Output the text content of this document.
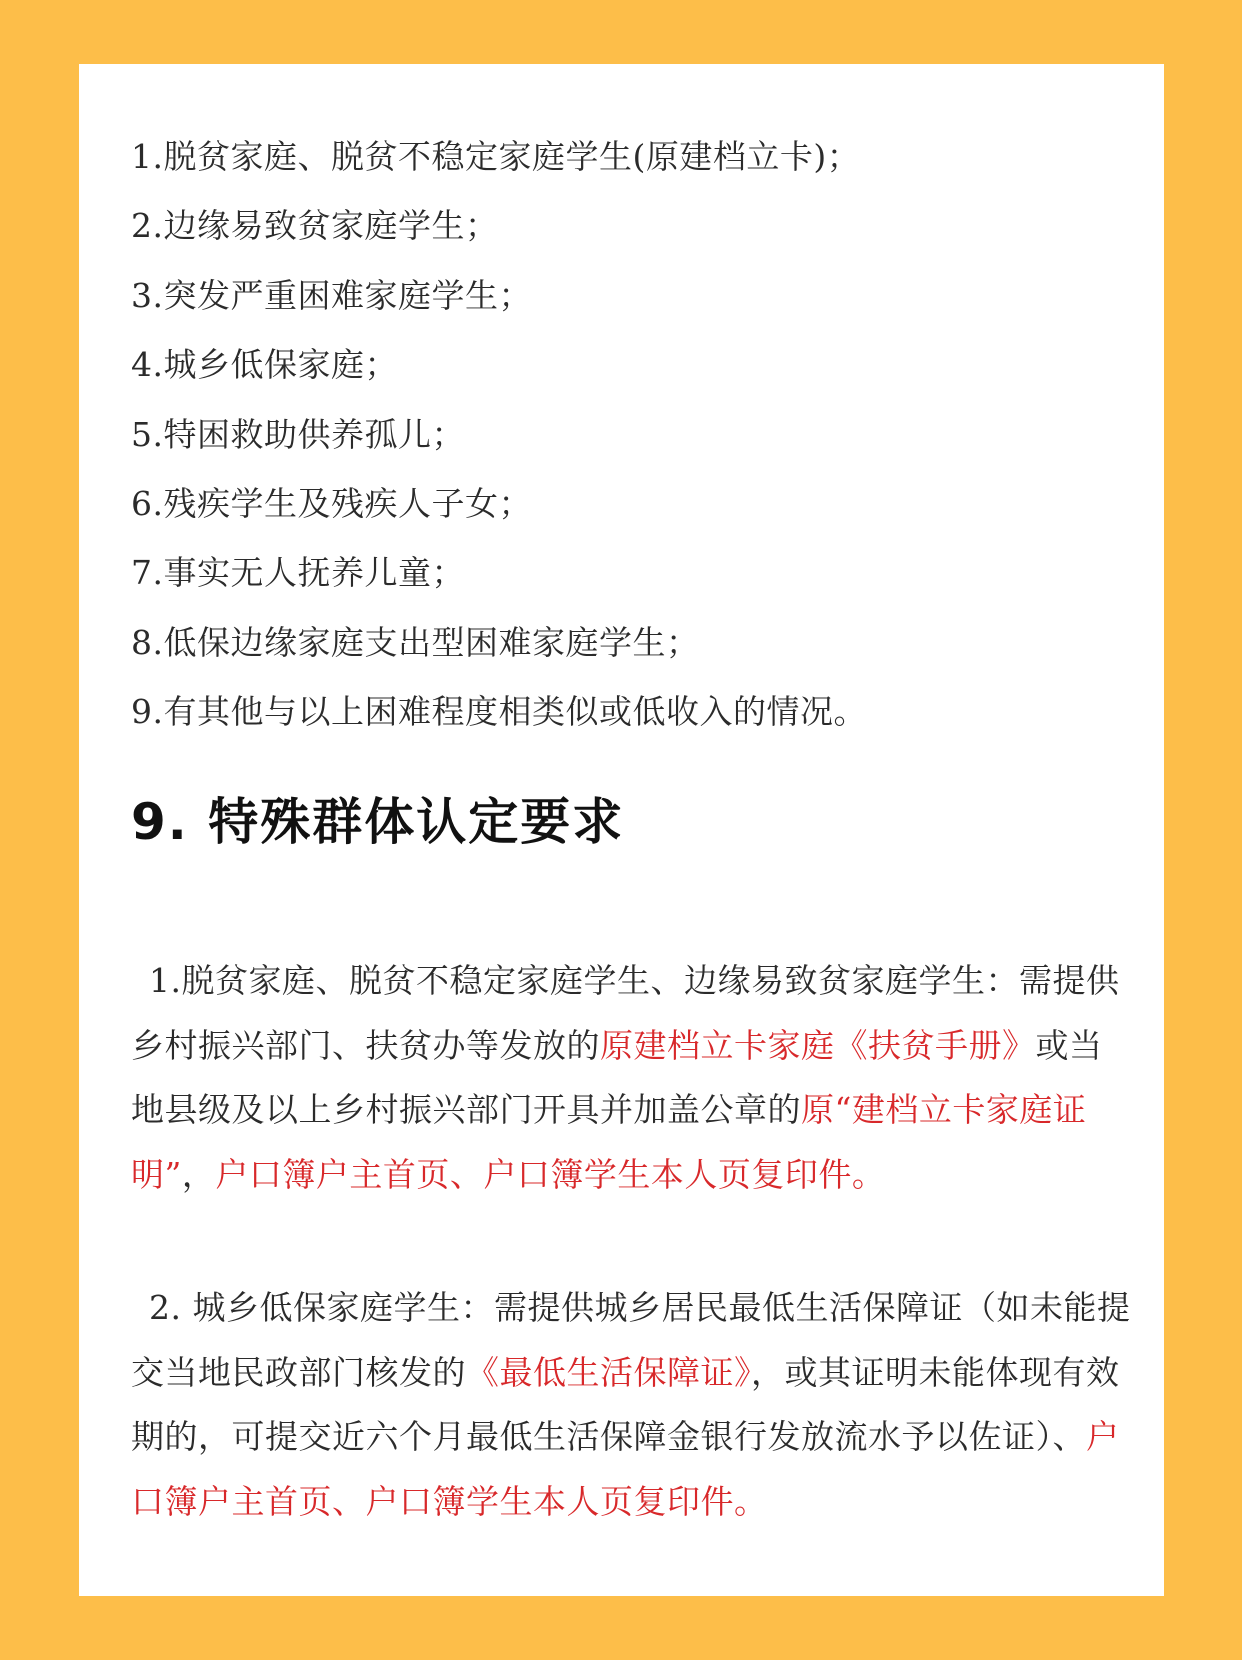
1.脱贫家庭、脱贫不稳定家庭学生(原建档立卡)；
2.边缘易致贫家庭学生；
3.突发严重困难家庭学生；
4.城乡低保家庭；
5.特困救助供养孤儿；
6.残疾学生及残疾人子女；
7.事实无人抚养儿童；
8.低保边缘家庭支出型困难家庭学生；
9.有其他与以上困难程度相类似或低收入的情况。
9. 特殊群体认定要求

1.脱贫家庭、脱贫不稳定家庭学生、边缘易致贫家庭学生：需提供乡村振兴部门、扶贫办等发放的原建档立卡家庭《扶贫手册》或当地县级及以上乡村振兴部门开具并加盖公章的原“建档立卡家庭证明”，户口簿户主首页、户口簿学生本人页复印件。

2. 城乡低保家庭学生：需提供城乡居民最低生活保障证（如未能提交当地民政部门核发的《最低生活保障证》，或其证明未能体现有效期的，可提交近六个月最低生活保障金银行发放流水予以佐证）、户口簿户主首页、户口簿学生本人页复印件。
